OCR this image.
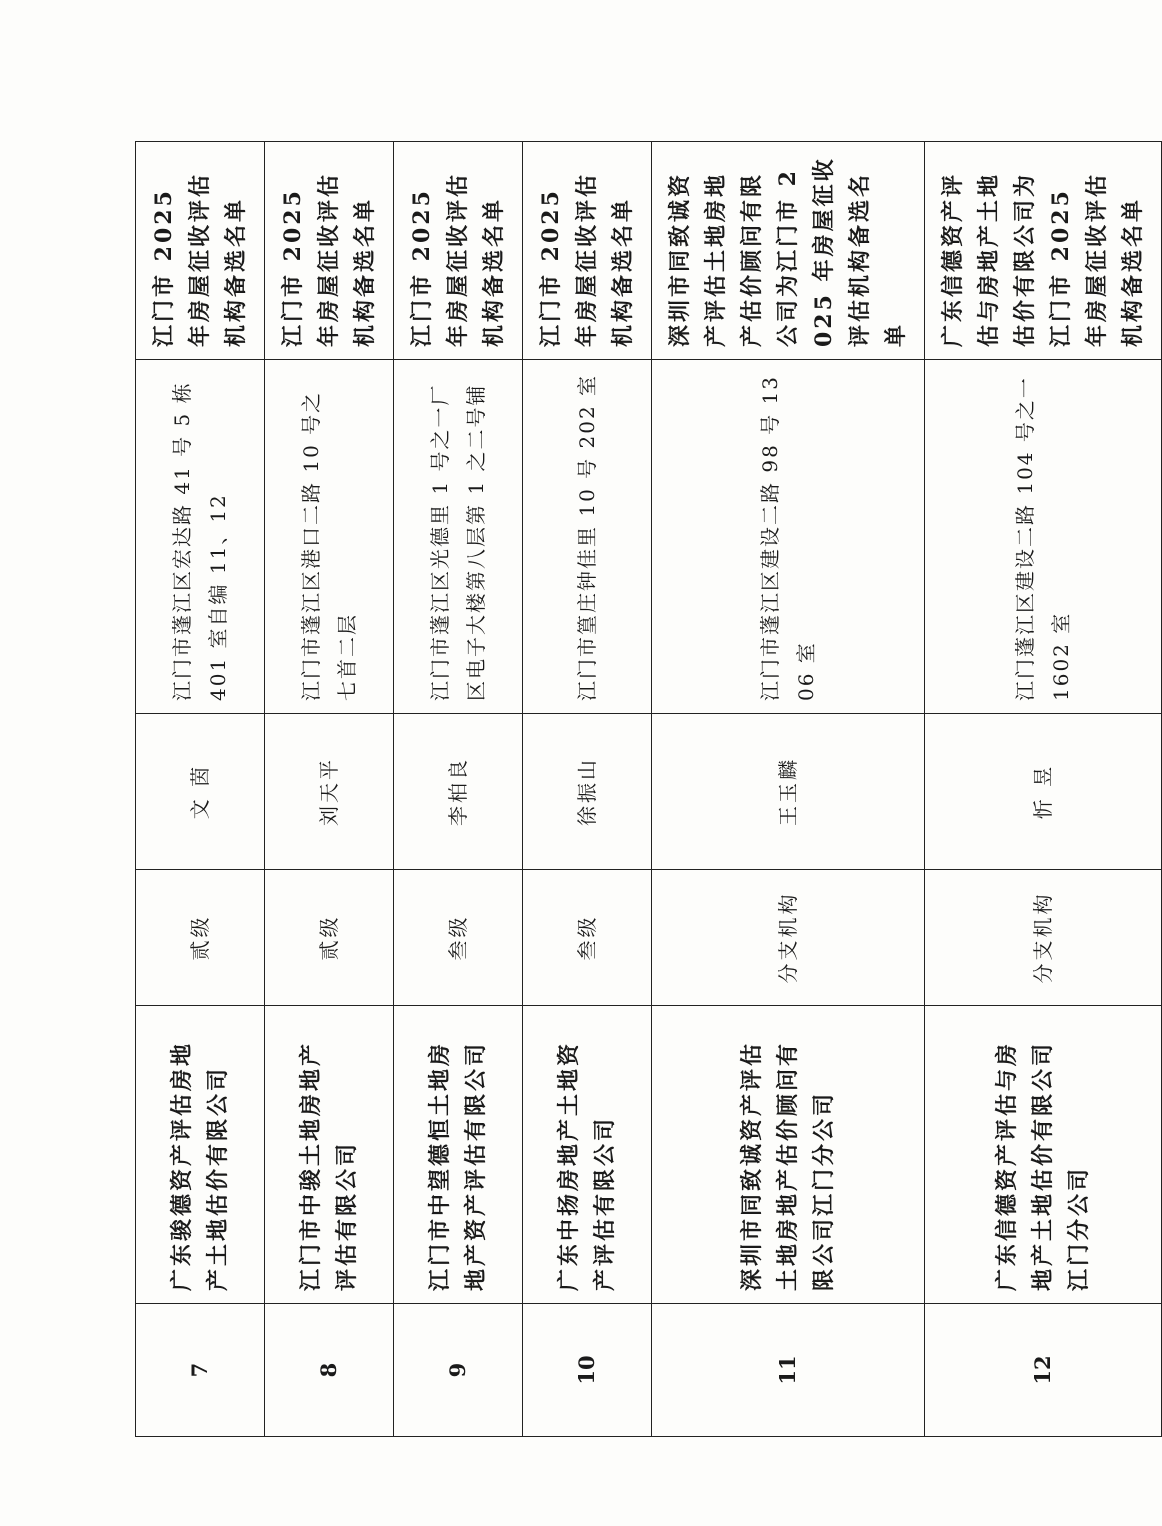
7	广东骏德资产评估房地产土地估价有限公司	贰级	文 茵	江门市蓬江区宏达路 41 号 5 栋 401 室自编 11、12	江门市 2025 年房屋征收评估机构备选名单
8	江门市中骏土地房地产评估有限公司	贰级	刘天平	江门市蓬江区港口二路 10 号之七首二层	江门市 2025 年房屋征收评估机构备选名单
9	江门市中望德恒土地房地产资产评估有限公司	叁级	李柏良	江门市蓬江区光德里 1 号之一厂区电子大楼第八层第 1 之二号铺	江门市 2025 年房屋征收评估机构备选名单
10	广东中扬房地产土地资产评估有限公司	叁级	徐振山	江门市篁庄钟佳里 10 号 202 室	江门市 2025 年房屋征收评估机构备选名单
11	深圳市同致诚资产评估土地房地产估价顾问有限公司江门分公司	分支机构	王玉麟	江门市蓬江区建设二路 98 号 1306 室	深圳市同致诚资产评估土地房地产估价顾问有限公司为江门市 2025 年房屋征收评估机构备选名单
12	广东信德资产评估与房地产土地估价有限公司江门分公司	分支机构	忻 昱	江门蓬江区建设二路 104 号之一 1602 室	广东信德资产评估与房地产土地估价有限公司为江门市 2025 年房屋征收评估机构备选名单
